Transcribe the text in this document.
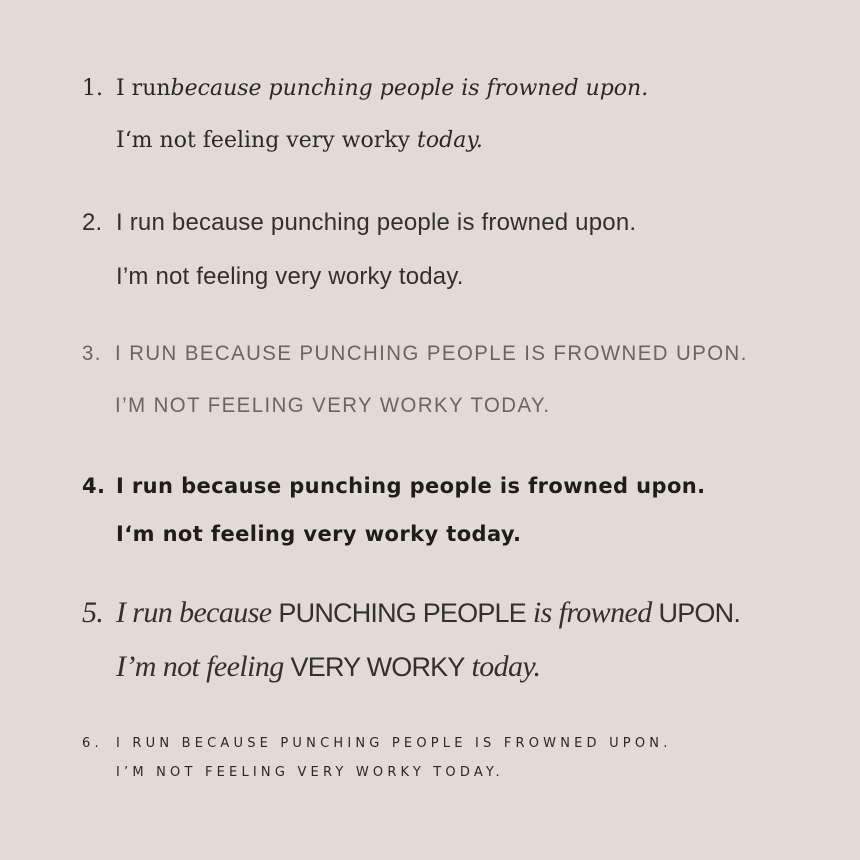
1. I run because punching people is frowned upon.
I‘m not feeling very worky today.
2. I run because punching people is frowned upon.
I’m not feeling very worky today.
3. I RUN BECAUSE PUNCHING PEOPLE IS FROWNED UPON.
I’M NOT FEELING VERY WORKY TODAY.
4. I run because punching people is frowned upon.
I‘m not feeling very worky today.
5. I run because
PUNCHING PEOPLE
is frowned
UPON.
I’m not feeling VERY WORKY today.
6.	I RUN BECAUSE PUNCHING PEOPLE IS FROWNED UPON.
I’M NOT FEELING VERY WORKY TODAY.
